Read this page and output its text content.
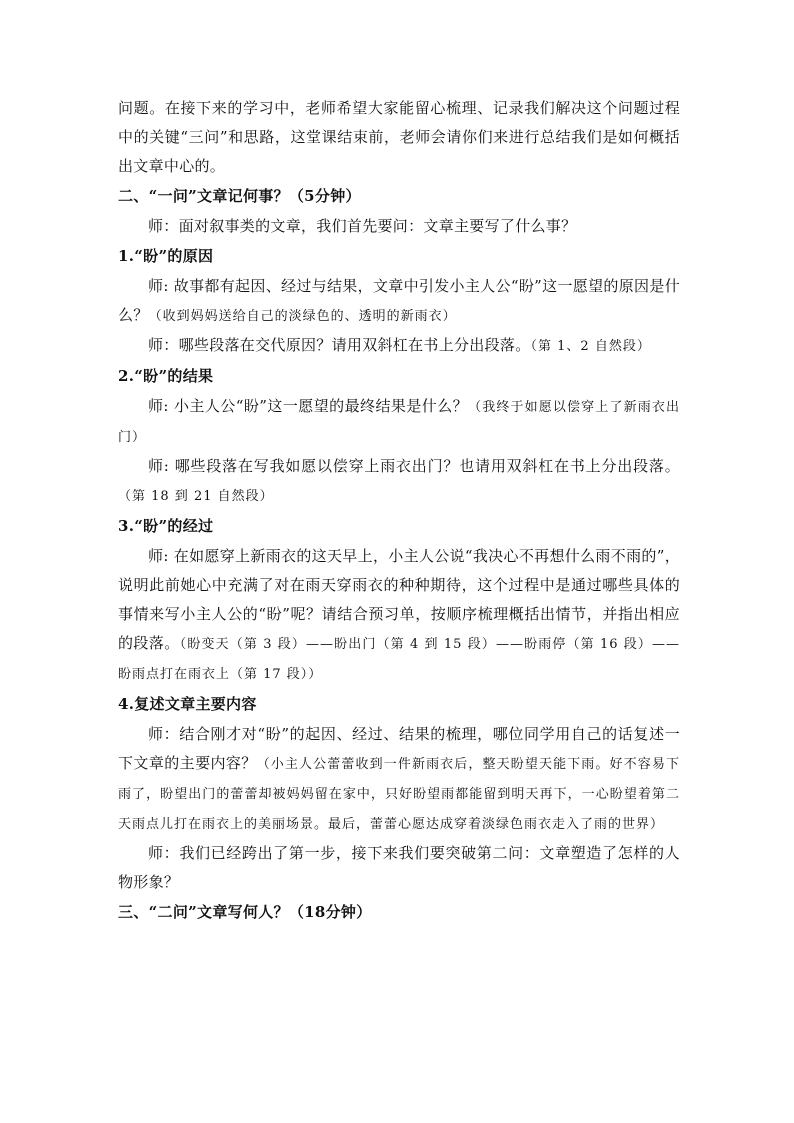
问题。在接下来的学习中，老师希望大家能留心梳理、记录我们解决这个问题过程中的关键“三问”和思路，这堂课结束前，老师会请你们来进行总结我们是如何概括出文章中心的。

二、“一问”文章记何事？（5分钟）

师：面对叙事类的文章，我们首先要问：文章主要写了什么事？

1.“盼”的原因

师: 故事都有起因、经过与结果，文章中引发小主人公“盼”这一愿望的原因是什么？（收到妈妈送给自己的淡绿色的、透明的新雨衣）

师：哪些段落在交代原因？请用双斜杠在书上分出段落。（第 1、2 自然段）

2.“盼”的结果

师: 小主人公“盼”这一愿望的最终结果是什么？（我终于如愿以偿穿上了新雨衣出门）

师: 哪些段落在写我如愿以偿穿上雨衣出门？也请用双斜杠在书上分出段落。（第 18 到 21 自然段）

3.“盼”的经过

师: 在如愿穿上新雨衣的这天早上，小主人公说“我决心不再想什么雨不雨的”，说明此前她心中充满了对在雨天穿雨衣的种种期待，这个过程中是通过哪些具体的事情来写小主人公的“盼”呢？请结合预习单，按顺序梳理概括出情节，并指出相应的段落。（盼变天（第 3 段）——盼出门（第 4 到 15 段）——盼雨停（第 16 段）——盼雨点打在雨衣上（第 17 段））

4.复述文章主要内容

师：结合刚才对“盼”的起因、经过、结果的梳理，哪位同学用自己的话复述一下文章的主要内容？（小主人公蕾蕾收到一件新雨衣后，整天盼望天能下雨。好不容易下雨了，盼望出门的蕾蕾却被妈妈留在家中，只好盼望雨都能留到明天再下，一心盼望着第二天雨点儿打在雨衣上的美丽场景。最后，蕾蕾心愿达成穿着淡绿色雨衣走入了雨的世界）

师：我们已经跨出了第一步，接下来我们要突破第二问：文章塑造了怎样的人物形象？

三、“二问”文章写何人？（18分钟）
